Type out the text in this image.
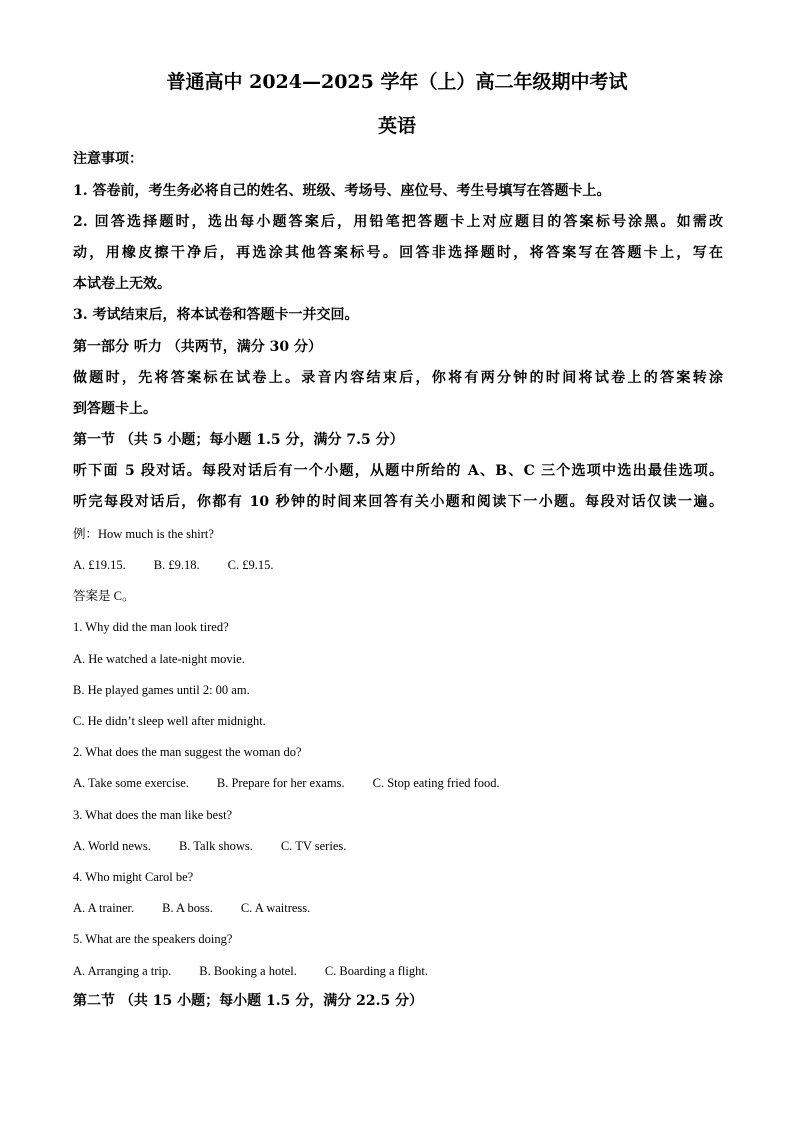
普通高中 2024—2025 学年（上）高二年级期中考试
英语
注意事项：
1. 答卷前，考生务必将自己的姓名、班级、考场号、座位号、考生号填写在答题卡上。
2. 回答选择题时，选出每小题答案后，用铅笔把答题卡上对应题目的答案标号涂黑。如需改
动，用橡皮擦干净后，再选涂其他答案标号。回答非选择题时，将答案写在答题卡上，写在
本试卷上无效。
3. 考试结束后，将本试卷和答题卡一并交回。
第一部分 听力 （共两节，满分 30 分）
做题时，先将答案标在试卷上。录音内容结束后，你将有两分钟的时间将试卷上的答案转涂
到答题卡上。
第一节 （共 5 小题；每小题 1.5 分，满分 7.5 分）
听下面 5 段对话。每段对话后有一个小题，从题中所给的 A、B、C 三个选项中选出最佳选项。
听完每段对话后，你都有 10 秒钟的时间来回答有关小题和阅读下一小题。每段对话仅读一遍。
例：How much is the shirt?
A. £19.15. B. £9.18. C. £9.15.
答案是 C。
1. Why did the man look tired?
A. He watched a late-night movie.
B. He played games until 2: 00 am.
C. He didn’t sleep well after midnight.
2. What does the man suggest the woman do?
A. Take some exercise. B. Prepare for her exams. C. Stop eating fried food.
3. What does the man like best?
A. World news. B. Talk shows. C. TV series.
4. Who might Carol be?
A. A trainer. B. A boss. C. A waitress.
5. What are the speakers doing?
A. Arranging a trip. B. Booking a hotel. C. Boarding a flight.
第二节 （共 15 小题；每小题 1.5 分，满分 22.5 分）
